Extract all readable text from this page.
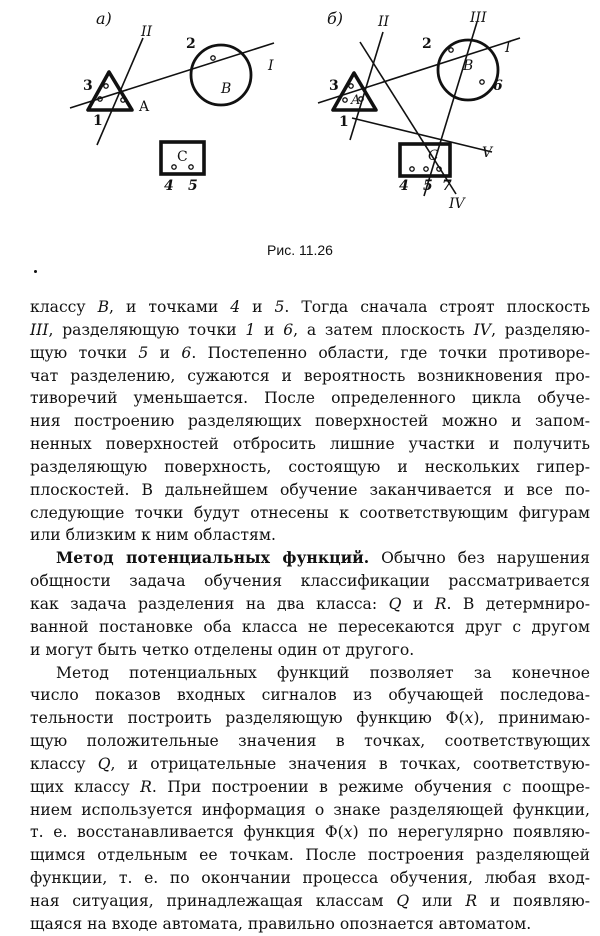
а)
II
I
3
1
A
2
B
C
4 5
б) II
I
III
IV
V
3
1
A
2
B
6
C
4 5 7
Рис. 11.26
классу B, и точками 4 и 5. Тогда сначала строят плоскость
III, разделяющую точки 1 и 6, а затем плоскость IV, разделяю-
щую точки 5 и 6. Постепенно области, где точки противоре-
чат разделению, сужаются и вероятность возникновения про-
тиворечий уменьшается. После определенного цикла обуче-
ния построению разделяющих поверхностей можно и запом-
ненных поверхностей отбросить лишние участки и получить
разделяющую поверхность, состоящую и нескольких гипер-
плоскостей. В дальнейшем обучение заканчивается и все по-
следующие точки будут отнесены к соответствующим фигурам
или близким к ним областям.
Метод потенциальных функций. Обычно без нарушения
общности задача обучения классификации рассматривается
как задача разделения на два класса: Q и R. В детермниро-
ванной постановке оба класса не пересекаются друг с другом
и могут быть четко отделены один от другого.
Метод потенциальных функций позволяет за конечное
число показов входных сигналов из обучающей последова-
тельности построить разделяющую функцию Φ(x), принимаю-
щую положительные значения в точках, соответствующих
классу Q, и отрицательные значения в точках, соответствую-
щих классу R. При построении в режиме обучения с поощре-
нием используется информация о знаке разделяющей функции,
т. е. восстанавливается функция Φ(x) по нерегулярно появляю-
щимся отдельным ее точкам. После построения разделяющей
функции, т. е. по окончании процесса обучения, любая вход-
ная ситуация, принадлежащая классам Q или R и появляю-
щаяся на входе автомата, правильно опознается автоматом.
